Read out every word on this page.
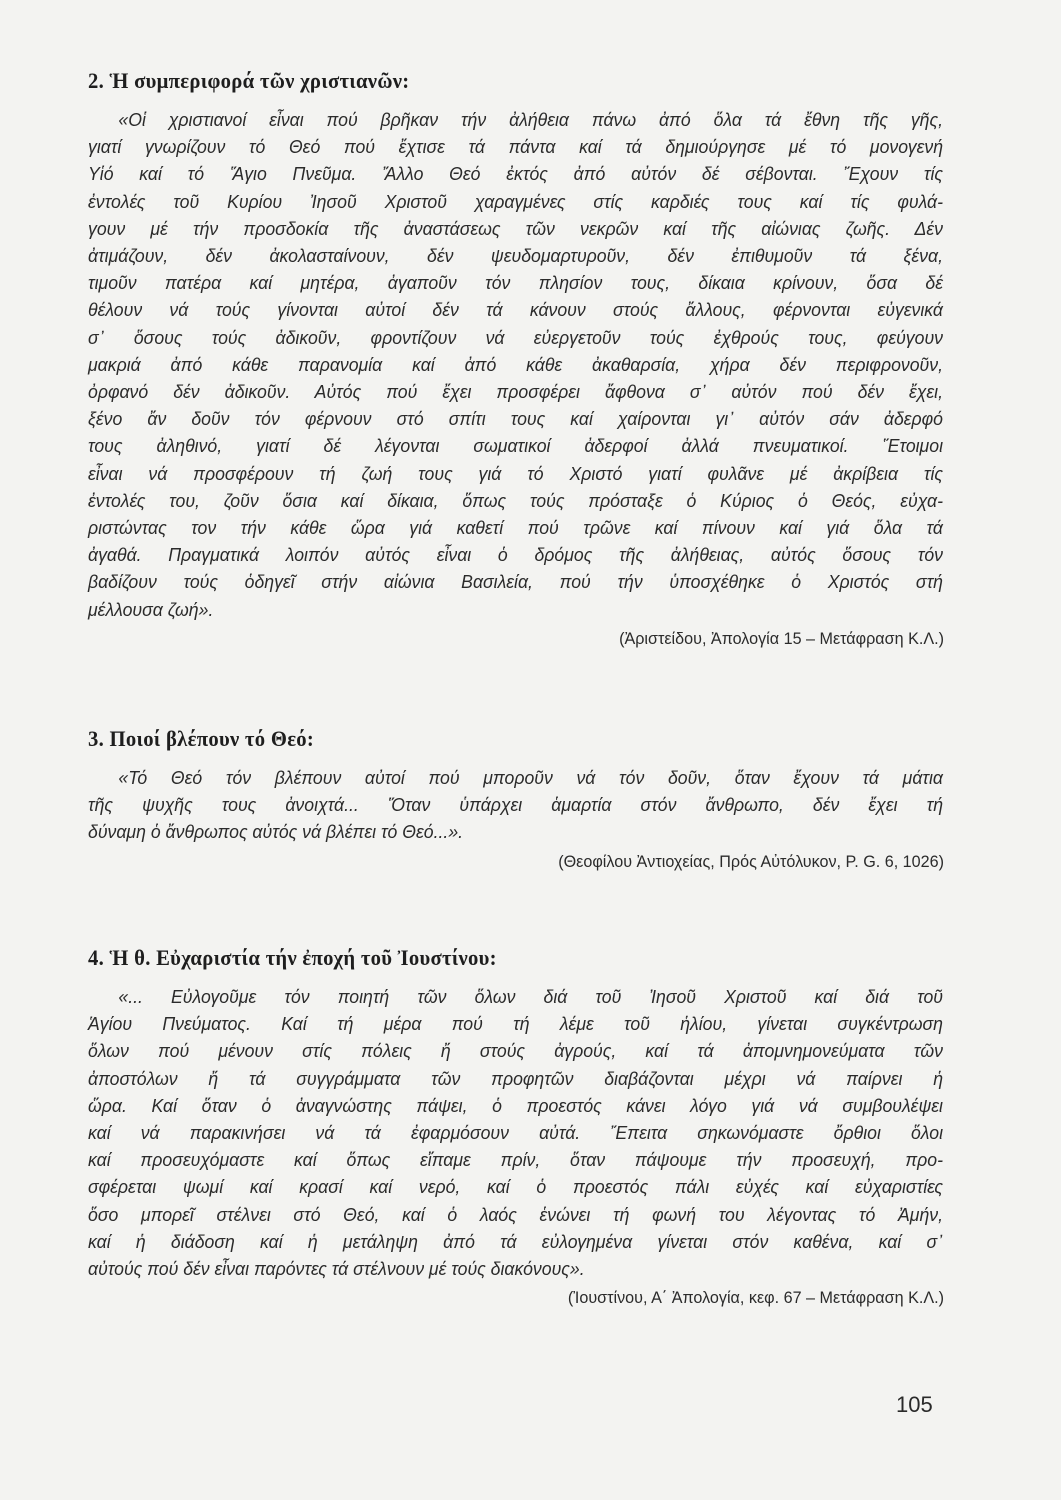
2. Ἡ συμπεριφορά τῶν χριστιανῶν:

«Οἱ χριστιανοί εἶναι πού βρῆκαν τήν ἀλήθεια πάνω ἀπό ὅλα τά ἔθνη τῆς γῆς,
γιατί γνωρίζουν τό Θεό πού ἔχτισε τά πάντα καί τά δημιούργησε μέ τό μονογενή
Υἱό καί τό Ἅγιο Πνεῦμα. Ἄλλο Θεό ἐκτός ἀπό αὐτόν δέ σέβονται. Ἔχουν τίς
ἐντολές τοῦ Κυρίου Ἰησοῦ Χριστοῦ χαραγμένες στίς καρδιές τους καί τίς φυλά-
γουν μέ τήν προσδοκία τῆς ἀναστάσεως τῶν νεκρῶν καί τῆς αἰώνιας ζωῆς. Δέν
ἀτιμάζουν, δέν ἀκολασταίνουν, δέν ψευδομαρτυροῦν, δέν ἐπιθυμοῦν τά ξένα,
τιμοῦν πατέρα καί μητέρα, ἀγαποῦν τόν πλησίον τους, δίκαια κρίνουν, ὅσα δέ
θέλουν νά τούς γίνονται αὐτοί δέν τά κάνουν στούς ἄλλους, φέρνονται εὐγενικά
σ᾽ ὅσους τούς ἀδικοῦν, φροντίζουν νά εὐεργετοῦν τούς ἐχθρούς τους, φεύγουν
μακριά ἀπό κάθε παρανομία καί ἀπό κάθε ἀκαθαρσία, χήρα δέν περιφρονοῦν,
ὀρφανό δέν ἀδικοῦν. Αὐτός πού ἔχει προσφέρει ἄφθονα σ᾽ αὐτόν πού δέν ἔχει,
ξένο ἄν δοῦν τόν φέρνουν στό σπίτι τους καί χαίρονται γι᾽ αὐτόν σάν ἀδερφό
τους ἀληθινό, γιατί δέ λέγονται σωματικοί ἀδερφοί ἀλλά πνευματικοί. Ἕτοιμοι
εἶναι νά προσφέρουν τή ζωή τους γιά τό Χριστό γιατί φυλᾶνε μέ ἀκρίβεια τίς
ἐντολές του, ζοῦν ὅσια καί δίκαια, ὅπως τούς πρόσταξε ὁ Κύριος ὁ Θεός, εὐχα-
ριστώντας τον τήν κάθε ὥρα γιά καθετί πού τρῶνε καί πίνουν καί γιά ὅλα τά
ἀγαθά. Πραγματικά λοιπόν αὐτός εἶναι ὁ δρόμος τῆς ἀλήθειας, αὐτός ὅσους τόν
βαδίζουν τούς ὁδηγεῖ στήν αἰώνια Βασιλεία, πού τήν ὑποσχέθηκε ὁ Χριστός στή
μέλλουσα ζωή».

(Ἀριστείδου, Ἀπολογία 15 – Μετάφραση Κ.Λ.)

3. Ποιοί βλέπουν τό Θεό:

«Τό Θεό τόν βλέπουν αὐτοί πού μποροῦν νά τόν δοῦν, ὅταν ἔχουν τά μάτια
τῆς ψυχῆς τους ἀνοιχτά... Ὅταν ὑπάρχει ἁμαρτία στόν ἄνθρωπο, δέν ἔχει τή
δύναμη ὁ ἄνθρωπος αὐτός νά βλέπει τό Θεό...».

(Θεοφίλου Ἀντιοχείας, Πρός Αὐτόλυκον, P. G. 6, 1026)

4. Ἡ θ. Εὐχαριστία τήν ἐποχή τοῦ Ἰουστίνου:

«... Εὐλογοῦμε τόν ποιητή τῶν ὅλων διά τοῦ Ἰησοῦ Χριστοῦ καί διά τοῦ
Ἁγίου Πνεύματος. Καί τή μέρα πού τή λέμε τοῦ ἡλίου, γίνεται συγκέντρωση
ὅλων πού μένουν στίς πόλεις ἤ στούς ἀγρούς, καί τά ἀπομνημονεύματα τῶν
ἀποστόλων ἤ τά συγγράμματα τῶν προφητῶν διαβάζονται μέχρι νά παίρνει ἡ
ὥρα. Καί ὅταν ὁ ἀναγνώστης πάψει, ὁ προεστός κάνει λόγο γιά νά συμβουλέψει
καί νά παρακινήσει νά τά ἐφαρμόσουν αὐτά. Ἔπειτα σηκωνόμαστε ὄρθιοι ὅλοι
καί προσευχόμαστε καί ὅπως εἴπαμε πρίν, ὅταν πάψουμε τήν προσευχή, προ-
σφέρεται ψωμί καί κρασί καί νερό, καί ὁ προεστός πάλι εὐχές καί εὐχαριστίες
ὅσο μπορεῖ στέλνει στό Θεό, καί ὁ λαός ἑνώνει τή φωνή του λέγοντας τό Ἀμήν,
καί ἡ διάδοση καί ἡ μετάληψη ἀπό τά εὐλογημένα γίνεται στόν καθένα, καί σ᾽
αὐτούς πού δέν εἶναι παρόντες τά στέλνουν μέ τούς διακόνους».

(Ἰουστίνου, Α΄ Ἀπολογία, κεφ. 67 – Μετάφραση Κ.Λ.)

105
